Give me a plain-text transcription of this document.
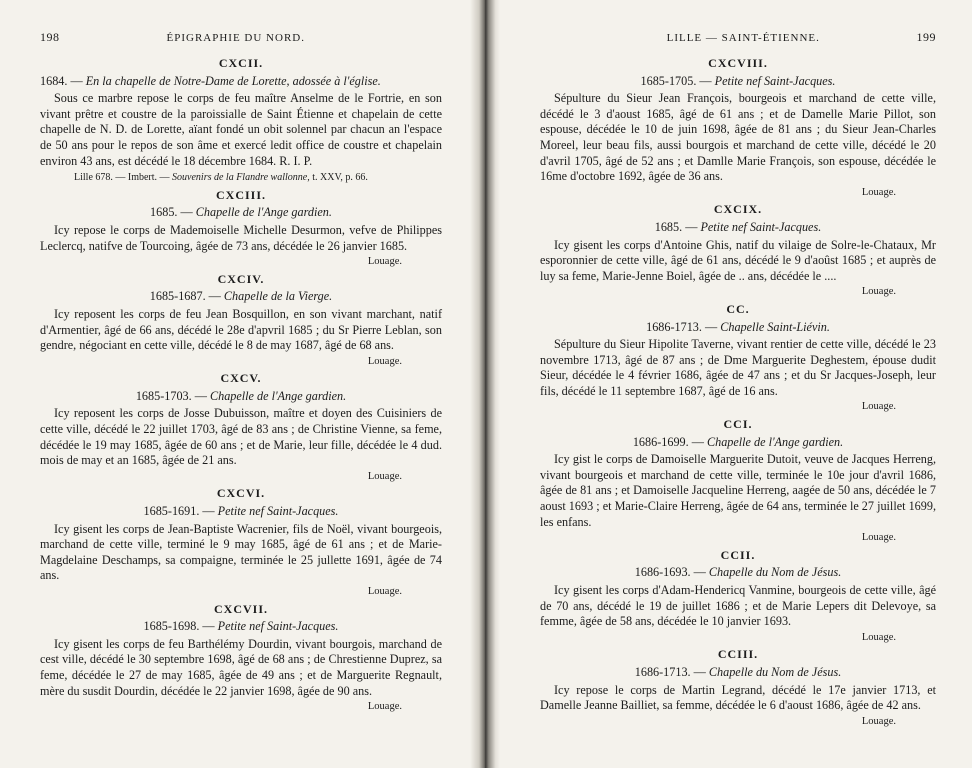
198	ÉPIGRAPHIE DU NORD.
CXCII.
1684. — En la chapelle de Notre-Dame de Lorette, adossée à l'église.

Sous ce marbre repose le corps de feu maître Anselme de le Fortrie, en son vivant prêtre et coustre de la paroissialle de Saint Étienne et chapelain de cette chapelle de N. D. de Lorette, aïant fondé un obit solennel par chacun an l'espace de 50 ans pour le repos de son âme et exercé ledit office de coustre et chapelain environ 43 ans, est décédé le 18 décembre 1684. R. I. P.

Lille 678. — Imbert. — Souvenirs de la Flandre wallonne, t. XXV, p. 66.
CXCIII.
1685. — Chapelle de l'Ange gardien.

Icy repose le corps de Mademoiselle Michelle Desurmon, vefve de Philippes Leclercq, natifve de Tourcoing, âgée de 73 ans, décédée le 26 janvier 1685.

Louage.
CXCIV.
1685-1687. — Chapelle de la Vierge.

Icy reposent les corps de feu Jean Bosquillon, en son vivant marchant, natif d'Armentier, âgé de 66 ans, décédé le 28e d'apvril 1685 ; du Sr Pierre Leblan, son gendre, négociant en cette ville, décédé le 8 de may 1687, âgé de 68 ans.

Louage.
CXCV.
1685-1703. — Chapelle de l'Ange gardien.

Icy reposent les corps de Josse Dubuisson, maître et doyen des Cuisiniers de cette ville, décédé le 22 juillet 1703, âgé de 83 ans ; de Christine Vienne, sa feme, décédée le 19 may 1685, âgée de 60 ans ; et de Marie, leur fille, décédée le 4 dud. mois de may et an 1685, âgée de 21 ans.

Louage.
CXCVI.
1685-1691. — Petite nef Saint-Jacques.

Icy gisent les corps de Jean-Baptiste Wacrenier, fils de Noël, vivant bourgeois, marchand de cette ville, terminé le 9 may 1685, âgé de 61 ans ; et de Marie-Magdelaine Deschamps, sa compaigne, terminée le 25 jullette 1691, âgée de 74 ans.

Louage.
CXCVII.
1685-1698. — Petite nef Saint-Jacques.

Icy gisent les corps de feu Barthélémy Dourdin, vivant bourgois, marchand de cest ville, décédé le 30 septembre 1698, âgé de 68 ans ; de Chrestienne Duprez, sa feme, décédée le 27 de may 1685, âgée de 49 ans ; et de Marguerite Regnault, mère du susdit Dourdin, décédée le 22 janvier 1698, âgée de 90 ans.

Louage.
LILLE — SAINT-ÉTIENNE.	199
CXCVIII.
1685-1705. — Petite nef Saint-Jacques.

Sépulture du Sieur Jean François, bourgeois et marchand de cette ville, décédé le 3 d'aoust 1685, âgé de 61 ans ; et de Damelle Marie Pillot, son espouse, décédée le 10 de juin 1698, âgée de 81 ans ; du Sieur Jean-Charles Moreel, leur beau fils, aussi bourgois et marchand de cette ville, décédé le 20 d'avril 1705, âgé de 52 ans ; et Damlle Marie François, son espouse, décédée le 16me d'octobre 1692, âgée de 36 ans.

Louage.
CXCIX.
1685. — Petite nef Saint-Jacques.

Icy gisent les corps d'Antoine Ghis, natif du vilaige de Solre-le-Chataux, Mr esporonnier de cette ville, âgé de 61 ans, décédé le 9 d'aoûst 1685 ; et auprès de luy sa feme, Marie-Jenne Boiel, âgée de .. ans, décédée le ....

Louage.
CC.
1686-1713. — Chapelle Saint-Liévin.

Sépulture du Sieur Hipolite Taverne, vivant rentier de cette ville, décédé le 23 novembre 1713, âgé de 87 ans ; de Dme Marguerite Deghestem, épouse dudit Sieur, décédée le 4 février 1686, âgée de 47 ans ; et du Sr Jacques-Joseph, leur fils, décédé le 11 septembre 1687, âgé de 16 ans.

Louage.
CCI.
1686-1699. — Chapelle de l'Ange gardien.

Icy gist le corps de Damoiselle Marguerite Dutoit, veuve de Jacques Herreng, vivant bourgeois et marchand de cette ville, terminée le 10e jour d'avril 1686, âgée de 81 ans ; et Damoiselle Jacqueline Herreng, aagée de 50 ans, décédée le 7 aoust 1693 ; et Marie-Claire Herreng, âgée de 64 ans, terminée le 27 juillet 1699, les enfans.

Louage.
CCII.
1686-1693. — Chapelle du Nom de Jésus.

Icy gisent les corps d'Adam-Hendericq Vanmine, bourgeois de cette ville, âgé de 70 ans, décédé le 19 de juillet 1686 ; et de Marie Lepers dit Delevoye, sa femme, âgée de 58 ans, décédée le 10 janvier 1693.

Louage.
CCIII.
1686-1713. — Chapelle du Nom de Jésus.

Icy repose le corps de Martin Legrand, décédé le 17e janvier 1713, et Damelle Jeanne Bailliet, sa femme, décédée le 6 d'aoust 1686, âgée de 42 ans.

Louage.
